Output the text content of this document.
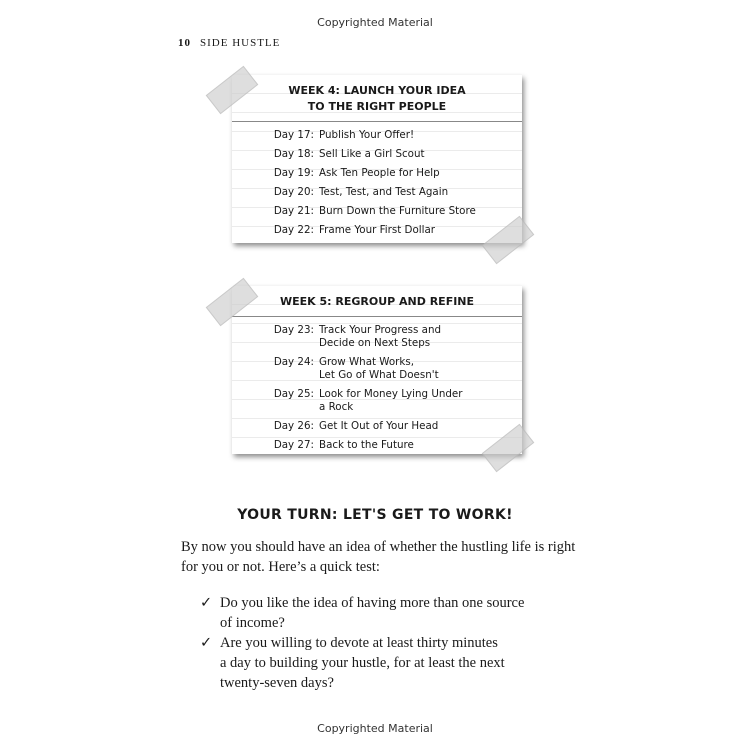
Copyrighted Material
10 SIDE HUSTLE
WEEK 4: LAUNCH YOUR IDEA
TO THE RIGHT PEOPLE
Day 17: Publish Your Offer!
Day 18: Sell Like a Girl Scout
Day 19: Ask Ten People for Help
Day 20: Test, Test, and Test Again
Day 21: Burn Down the Furniture Store
Day 22: Frame Your First Dollar
WEEK 5: REGROUP AND REFINE
Day 23: Track Your Progress and
Decide on Next Steps
Day 24: Grow What Works,
Let Go of What Doesn't
Day 25: Look for Money Lying Under
a Rock
Day 26: Get It Out of Your Head
Day 27: Back to the Future
YOUR TURN: LET'S GET TO WORK!
By now you should have an idea of whether the hustling life is right
for you or not. Here’s a quick test:
✓ Do you like the idea of having more than one source
of income?
✓ Are you willing to devote at least thirty minutes
a day to building your hustle, for at least the next
twenty-seven days?
Copyrighted Material
